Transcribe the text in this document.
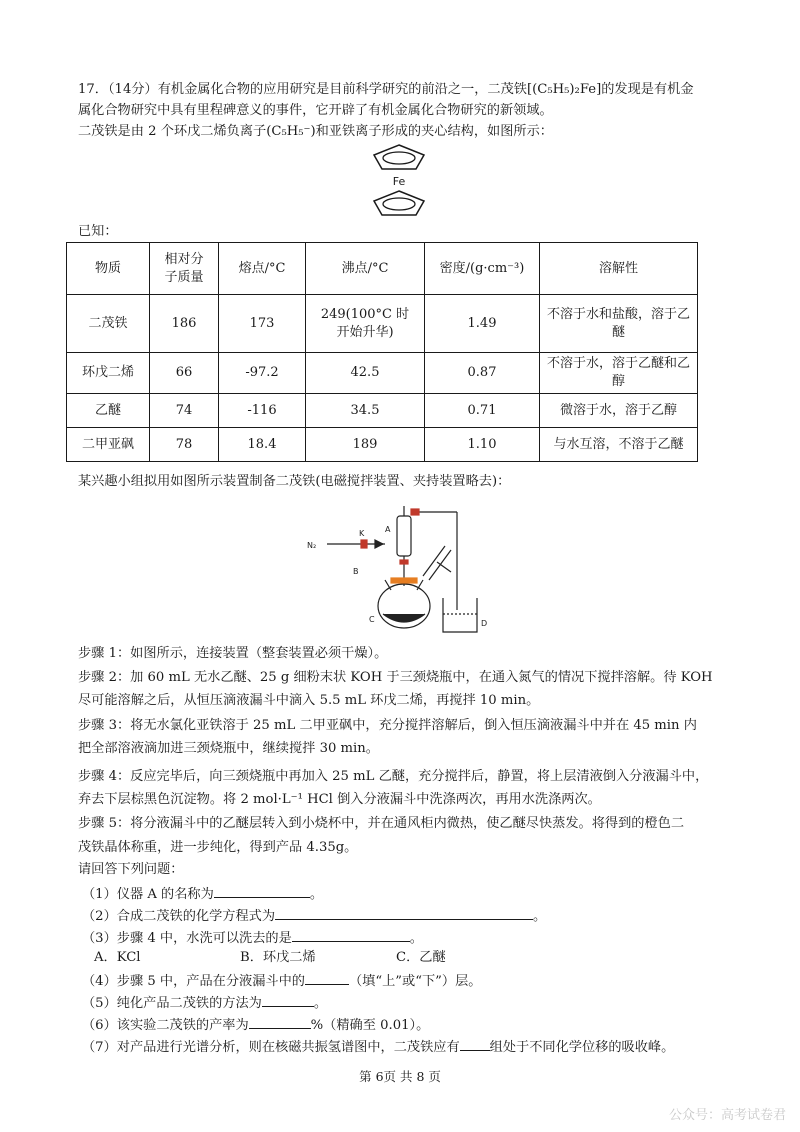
17．（14分）有机金属化合物的应用研究是目前科学研究的前沿之一，二茂铁[(C₅H₅)₂Fe]的发现是有机金
属化合物研究中具有里程碑意义的事件，它开辟了有机金属化合物研究的新领域。
二茂铁是由 2 个环戊二烯负离子(C₅H₅⁻)和亚铁离子形成的夹心结构，如图所示：
Fe
已知：
物质	相对分
子质量	熔点/°C	沸点/°C	密度/(g·cm⁻³)	溶解性
二茂铁	186	173	249(100°C 时
开始升华)	1.49	不溶于水和盐酸，溶于乙醚
环戊二烯	66	-97.2	42.5	0.87	不溶于水，溶于乙醚和乙醇
乙醚	74	-116	34.5	0.71	微溶于水，溶于乙醇
二甲亚砜	78	18.4	189	1.10	与水互溶，不溶于乙醚
某兴趣小组拟用如图所示装置制备二茂铁(电磁搅拌装置、夹持装置略去)：
N₂
K	A
B
C	D
步骤 1：如图所示，连接装置（整套装置必须干燥）。
步骤 2：加 60 mL 无水乙醚、25 g 细粉末状 KOH 于三颈烧瓶中，在通入氮气的情况下搅拌溶解。待 KOH
尽可能溶解之后，从恒压滴液漏斗中滴入 5.5 mL 环戊二烯，再搅拌 10 min。
步骤 3：将无水氯化亚铁溶于 25 mL 二甲亚砜中，充分搅拌溶解后，倒入恒压滴液漏斗中并在 45 min 内
把全部溶液滴加进三颈烧瓶中，继续搅拌 30 min。
步骤 4：反应完毕后，向三颈烧瓶中再加入 25 mL 乙醚，充分搅拌后，静置，将上层清液倒入分液漏斗中，
弃去下层棕黑色沉淀物。将 2 mol·L⁻¹ HCl 倒入分液漏斗中洗涤两次，再用水洗涤两次。
步骤 5：将分液漏斗中的乙醚层转入到小烧杯中，并在通风柜内微热，使乙醚尽快蒸发。将得到的橙色二
茂铁晶体称重，进一步纯化，得到产品 4.35g。
请回答下列问题：
（1）仪器 A 的名称为	。
（2）合成二茂铁的化学方程式为	。
（3）步骤 4 中，水洗可以洗去的是	。
A．KCl	B．环戊二烯	C．乙醚
（4）步骤 5 中，产品在分液漏斗中的	（填“上”或“下”）层。
（5）纯化产品二茂铁的方法为	。
（6）该实验二茂铁的产率为	%（精确至 0.01）。
（7）对产品进行光谱分析，则在核磁共振氢谱图中，二茂铁应有 组处于不同化学位移的吸收峰。
第 6页 共 8 页
公众号：高考试卷君
